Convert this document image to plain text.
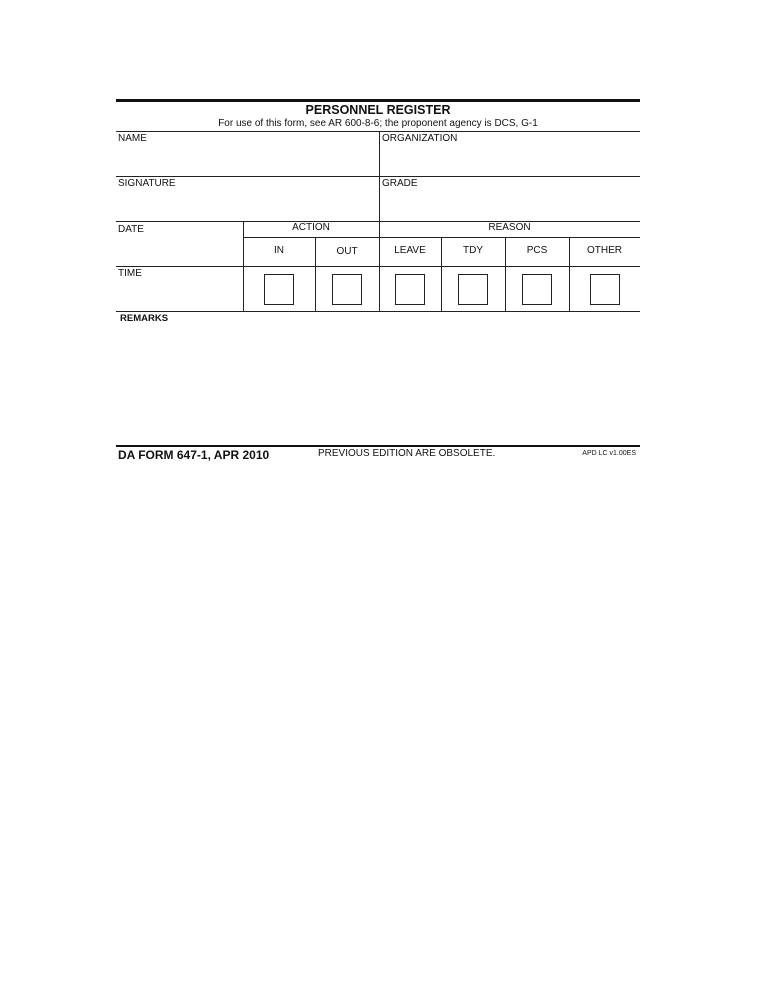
PERSONNEL REGISTER
For use of this form, see AR 600-8-6; the proponent agency is DCS, G-1
NAME	ORGANIZATION
SIGNATURE	GRADE
DATE
TIME
ACTION	REASON
IN	OUT	LEAVE	TDY	PCS	OTHER
REMARKS
DA FORM 647-1, APR 2010	PREVIOUS EDITION ARE OBSOLETE.	APD LC v1.00ES
